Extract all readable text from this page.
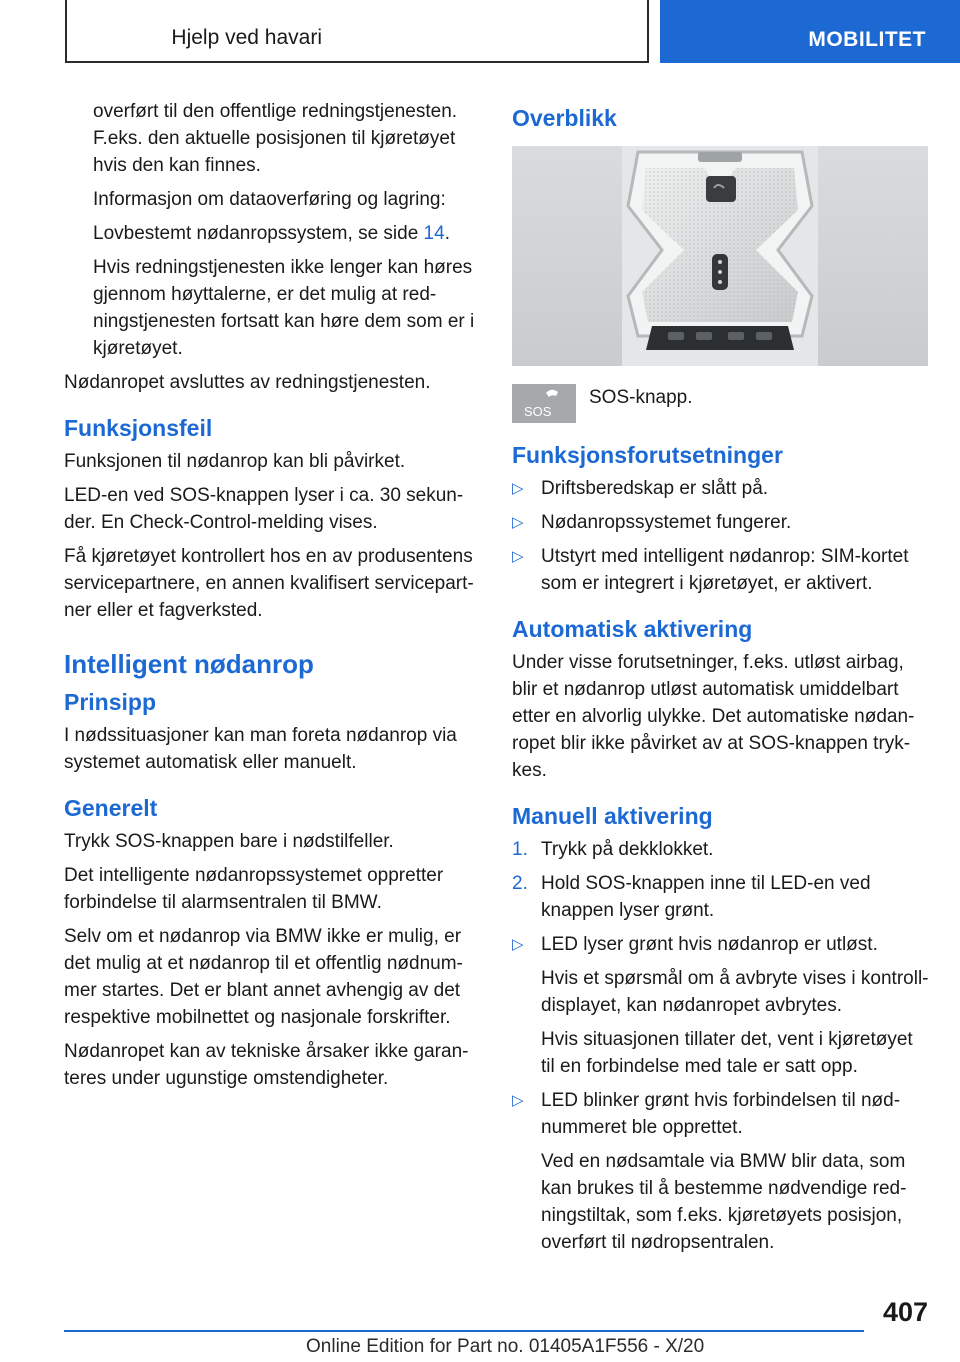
Hjelp ved havari	MOBILITET

overført til den offentlige redningstjenesten. F.eks. den aktuelle posisjonen til kjøretøyet hvis den kan finnes.

Informasjon om dataoverføring og lagring:

Lovbestemt nødanropssystem, se side 14.

Hvis redningstjenesten ikke lenger kan høres gjennom høyttalerne, er det mulig at red- ningstjenesten fortsatt kan høre dem som er i kjøretøyet.

Nødanropet avsluttes av redningstjenesten.

Funksjonsfeil

Funksjonen til nødanrop kan bli påvirket.

LED-en ved SOS-knappen lyser i ca. 30 sekun- der. En Check-Control-melding vises.

Få kjøretøyet kontrollert hos en av produsentens servicepartnere, en annen kvalifisert servicepart- ner eller et fagverksted.

Intelligent nødanrop
Prinsipp

I nødssituasjoner kan man foreta nødanrop via systemet automatisk eller manuelt.

Generelt

Trykk SOS-knappen bare i nødstilfeller.

Det intelligente nødanropssystemet oppretter forbindelse til alarmsentralen til BMW.

Selv om et nødanrop via BMW ikke er mulig, er det mulig at et nødanrop til et offentlig nødnum- mer startes. Det er blant annet avhengig av det respektive mobilnettet og nasjonale forskrifter.

Nødanropet kan av tekniske årsaker ikke garan- teres under ugunstige omstendigheter.

Overblikk
SOS

SOS-knapp.

Funksjonsforutsetninger
▷ Driftsberedskap er slått på.
▷ Nødanropssystemet fungerer.
▷ Utstyrt med intelligent nødanrop: SIM-kortet som er integrert i kjøretøyet, er aktivert.
Automatisk aktivering

Under visse forutsetninger, f.eks. utløst airbag, blir et nødanrop utløst automatisk umiddelbart etter en alvorlig ulykke. Det automatiske nødan- ropet blir ikke påvirket av at SOS-knappen tryk- kes.

Manuell aktivering
1. Trykk på dekklokket.
2. Hold SOS-knappen inne til LED-en ved knappen lyser grønt.
▷ LED lyser grønt hvis nødanrop er utløst.

Hvis et spørsmål om å avbryte vises i kontroll- displayet, kan nødanropet avbrytes.

Hvis situasjonen tillater det, vent i kjøretøyet til en forbindelse med tale er satt opp.

▷ LED blinker grønt hvis forbindelsen til nød- nummeret ble opprettet.

Ved en nødsamtale via BMW blir data, som kan brukes til å bestemme nødvendige red- ningstiltak, som f.eks. kjøretøyets posisjon, overført til nødropsentralen.

407
Online Edition for Part no. 01405A1F556 - X/20
